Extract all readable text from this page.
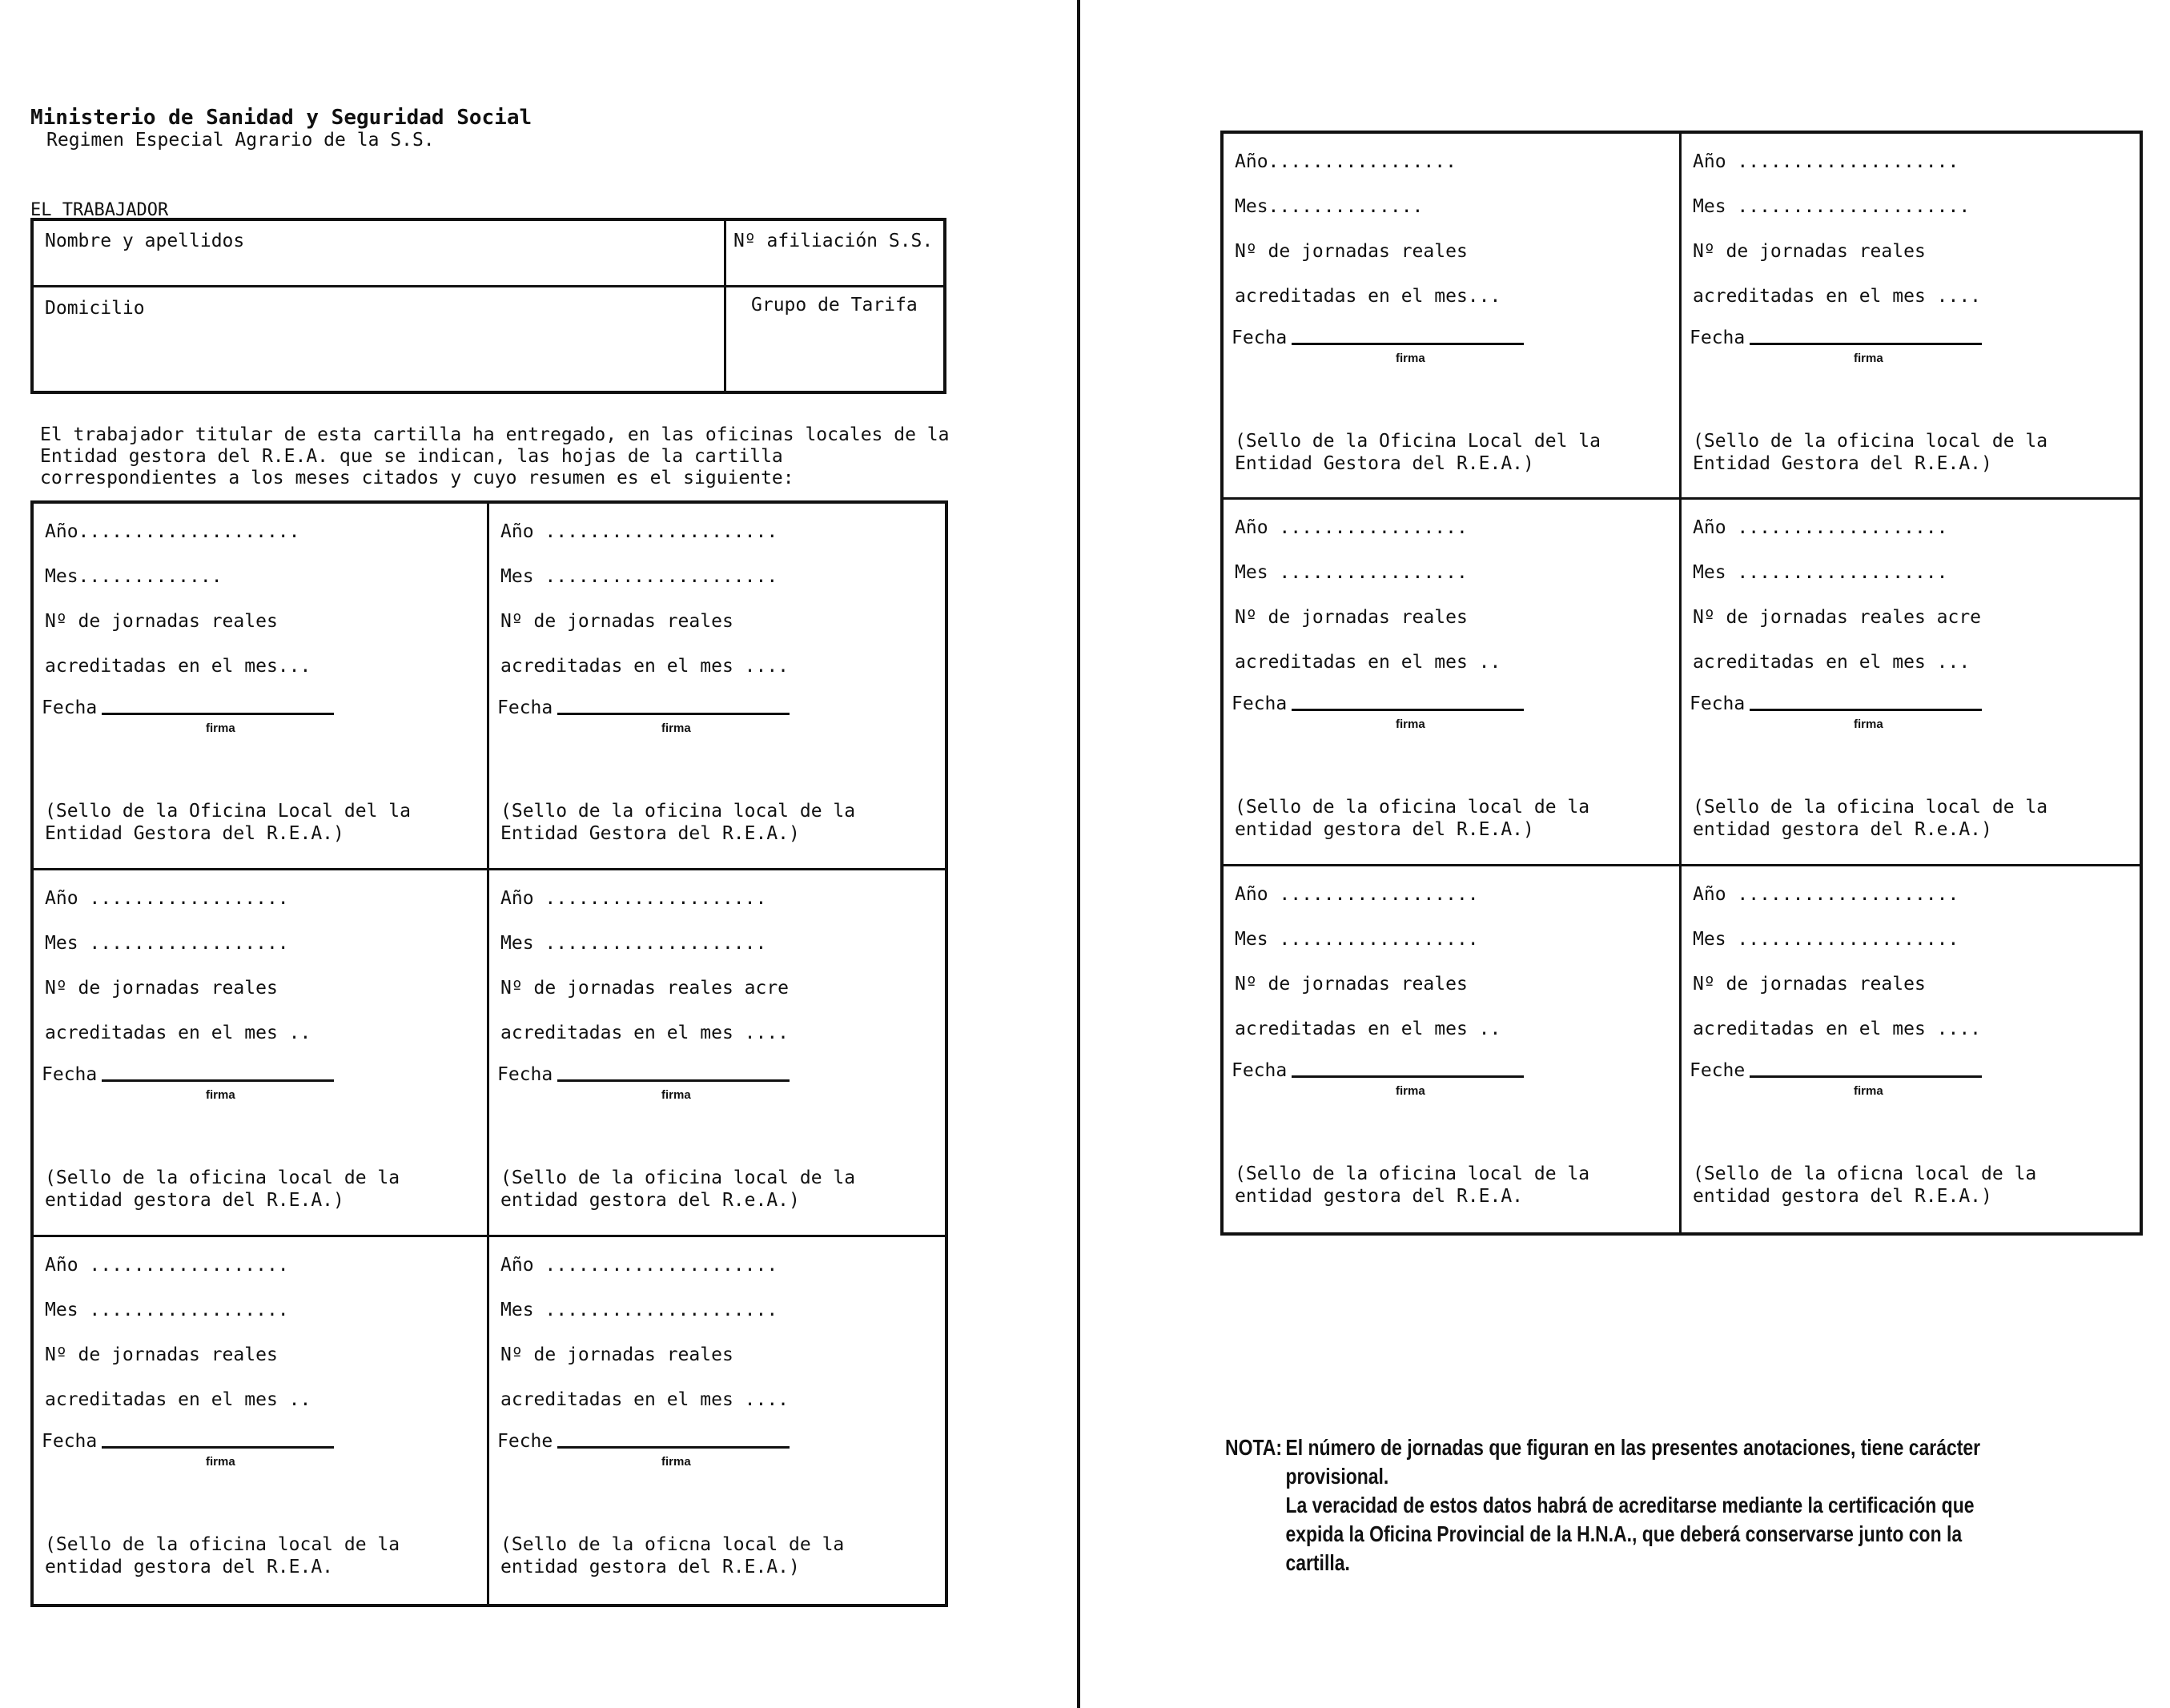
Ministerio de Sanidad y Seguridad Social
Regimen Especial Agrario de la S.S.
EL TRABAJADOR
Nombre y apellidos	Nº afiliación S.S.
Domicilio	Grupo de Tarifa
El trabajador titular de esta cartilla ha entregado, en las oficinas locales de la Entidad gestora del R.E.A. que se indican, las hojas de la cartilla correspondientes a los meses citados y cuyo resumen es el siguiente:
Año....................
Mes.............
Nº de jornadas reales
acreditadas en el mes...
Fecha
firma
(Sello de la Oficina Local del la Entidad Gestora del R.E.A.)
Año .....................
Mes .....................
Nº de jornadas reales
acreditadas en el mes ....
Fecha
firma
(Sello de la oficina local de la Entidad Gestora del R.E.A.)
Año ..................
Mes ..................
Nº de jornadas reales
acreditadas en el mes ..
Fecha
firma
(Sello de la oficina local de la entidad gestora del R.E.A.)
Año ....................
Mes ....................
Nº de jornadas reales acre
acreditadas en el mes ....
Fecha
firma
(Sello de la oficina local de la entidad gestora del R.e.A.)
Año ..................
Mes ..................
Nº de jornadas reales
acreditadas en el mes ..
Fecha
firma
(Sello de la oficina local de la entidad gestora del R.E.A.
Año .....................
Mes .....................
Nº de jornadas reales
acreditadas en el mes ....
Feche
firma
(Sello de la oficna local de la entidad gestora del R.E.A.)
Año.................
Mes..............
Nº de jornadas reales
acreditadas en el mes...
Fecha
firma
(Sello de la Oficina Local del la Entidad Gestora del R.E.A.)
Año ....................
Mes .....................
Nº de jornadas reales
acreditadas en el mes ....
Fecha
firma
(Sello de la oficina local de la Entidad Gestora del R.E.A.)
Año .................
Mes .................
Nº de jornadas reales
acreditadas en el mes ..
Fecha
firma
(Sello de la oficina local de la entidad gestora del R.E.A.)
Año ...................
Mes ...................
Nº de jornadas reales acre
acreditadas en el mes ...
Fecha
firma
(Sello de la oficina local de la entidad gestora del R.e.A.)
Año ..................
Mes ..................
Nº de jornadas reales
acreditadas en el mes ..
Fecha
firma
(Sello de la oficina local de la entidad gestora del R.E.A.
Año ....................
Mes ....................
Nº de jornadas reales
acreditadas en el mes ....
Feche
firma
(Sello de la oficna local de la entidad gestora del R.E.A.)
NOTA: El número de jornadas que figuran en las presentes anotaciones, tiene carácter provisional.
La veracidad de estos datos habrá de acreditarse mediante la certificación que expida la Oficina Provincial de la H.N.A., que deberá conservarse junto con la cartilla.
